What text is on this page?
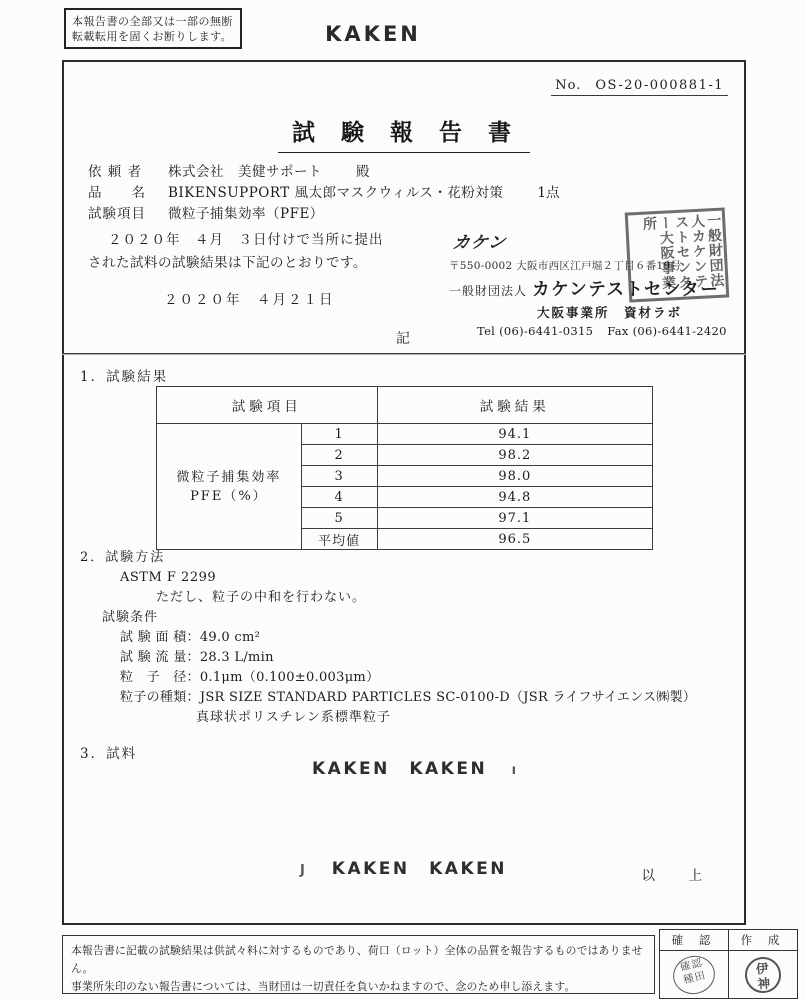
本報告書の全部又は一部の無断
転載転用を固くお断りします。	KAKEN
No. OS-20-000881-1
試 験 報 告 書
依 頼 者 株式会社　美健サポート	殿
品　　名 BIKENSUPPORT 風太郎マスクウィルス・花粉対策	1点
試験項目 微粒子捕集効率（PFE）
２０２０年　４月　３日付けで当所に提出
された試料の試験結果は下記のとおりです。
２０２０年　４月２１日
カケン
〒550-0002 大阪市西区江戸堀２丁目６番19号
一般財団法人 カケンテストセンター
大阪事業所　資材ラボ
Tel (06)-6441-0315 Fax (06)-6441-2420
一般財団法人カケンテストセンター大阪事業所
記
1．試験結果
試験項目		試験結果

微粒子捕集効率
PFE（%）	1	94.1
	2	98.2
	3	98.0
	4	94.8
	5	97.1
	平均値	96.5
2．試験方法
ASTM F 2299
ただし、粒子の中和を行わない。
試験条件
試 験 面 積：49.0 cm²
試 験 流 量：28.3 L/min
粒　子　径：0.1μm（0.100±0.003μm）
粒子の種類：JSR SIZE STANDARD PARTICLES SC-0100-D（JSR ライフサイエンス㈱製）
真球状ポリスチレン系標準粒子
3．試料
KAKEN　KAKEN ı
J KAKEN　KAKEN	以　上
本報告書に記載の試験結果は供試々料に対するものであり、荷口（ロット）全体の品質を報告するものではありません。
事業所朱印のない報告書については、当財団は一切責任を負いかねますので、念のため申し添えます。
確 認	作 成
確認
種田	伊
神
